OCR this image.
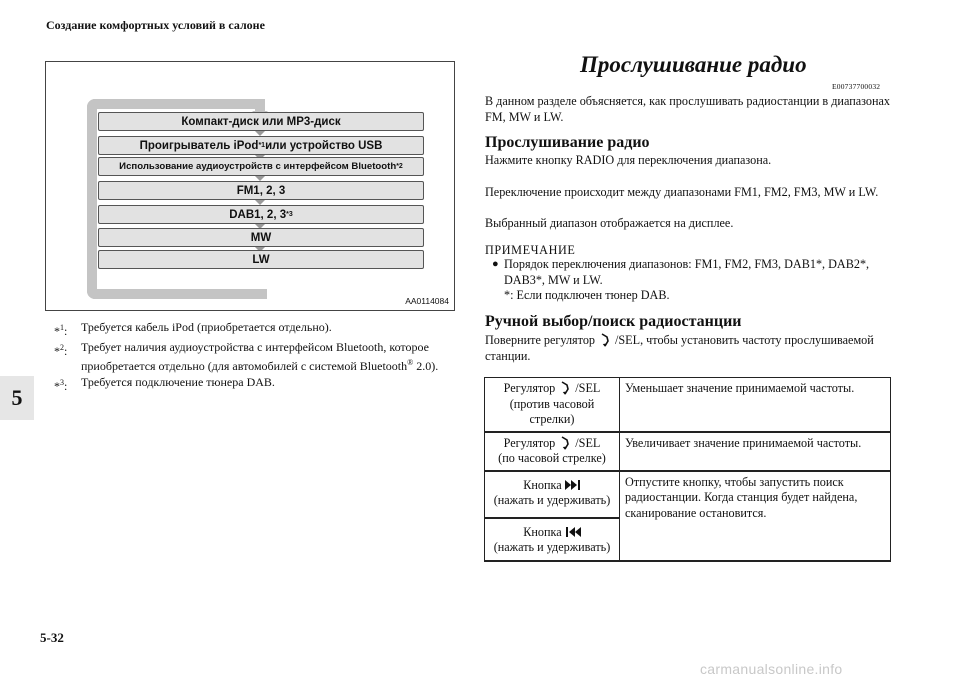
Создание комфортных условий в салоне
5
5-32
carmanualsonline.info
Компакт-диск или MP3-диск
Проигрыватель iPod *1 или устройство USB
Использование аудиоустройств с интерфейсом Bluetooth *2
FM1, 2, 3
DAB1, 2, 3 *3
MW
LW
AA0114084
*$^1$:	Требуется кабель iPod (приобретается отдельно).
*$^2$:	Требует наличия аудиоустройства с интерфейсом Bluetooth, которое приобретается отдельно (для автомобилей с системой Bluetooth® 2.0).
*$^3$:	Требуется подключение тюнера DAB.
Прослушивание радио
E00737700032
В данном разделе объясняется, как прослушивать радиостанции в диапазонах FM, MW и LW.
Прослушивание радио
Нажмите кнопку RADIO для переключения диапазона.
Переключение происходит между диапазонами FM1, FM2, FM3, MW и LW.
Выбранный диапазон отображается на дисплее.
ПРИМЕЧАНИЕ
● Порядок переключения диапазонов: FM1, FM2, FM3, DAB1*, DAB2*, DAB3*, MW и LW.
*: Если подключен тюнер DAB.
Ручной выбор/поиск радиостанции
Поверните регулятор /SEL, чтобы установить частоту прослушиваемой станции.
Регулятор /SEL
(против часовой стрелки)	Уменьшает значение принимаемой частоты.
Регулятор /SEL
(по часовой стрелке)	Увеличивает значение принимаемой частоты.
Кнопка
(нажать и удерживать)	Отпустите кнопку, чтобы запустить поиск радиостанции. Когда станция будет найдена, сканирование остановится.
Кнопка
(нажать и удерживать)	
